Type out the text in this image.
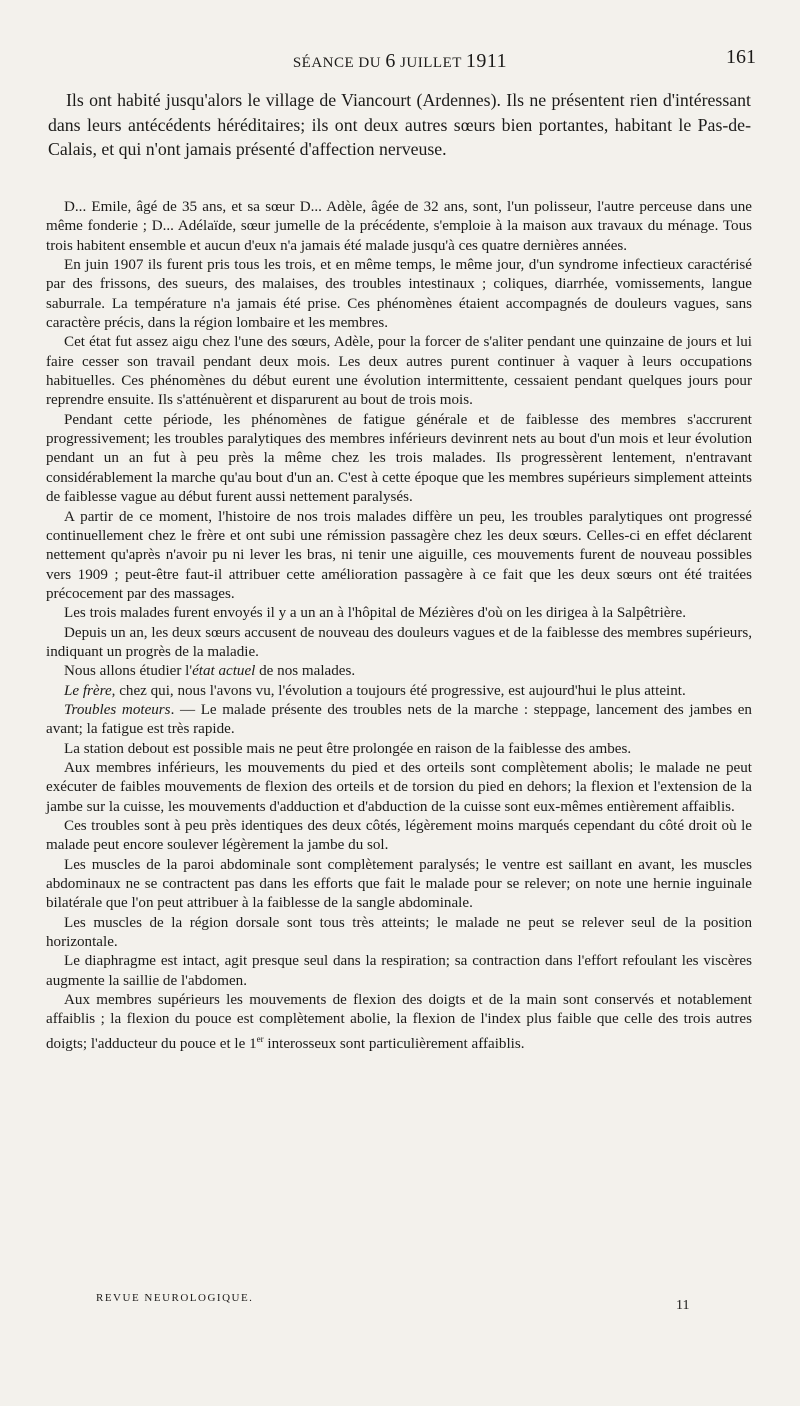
SÉANCE DU 6 JUILLET 1911	161

Ils ont habité jusqu'alors le village de Viancourt (Ardennes). Ils ne présentent rien d'intéressant dans leurs antécédents héréditaires; ils ont deux autres sœurs bien portantes, habitant le Pas-de-Calais, et qui n'ont jamais présenté d'affection nerveuse.

D... Emile, âgé de 35 ans, et sa sœur D... Adèle, âgée de 32 ans, sont, l'un polisseur, l'autre perceuse dans une même fonderie ; D... Adélaïde, sœur jumelle de la précédente, s'emploie à la maison aux travaux du ménage. Tous trois habitent ensemble et aucun d'eux n'a jamais été malade jusqu'à ces quatre dernières années.

En juin 1907 ils furent pris tous les trois, et en même temps, le même jour, d'un syndrome infectieux caractérisé par des frissons, des sueurs, des malaises, des troubles intestinaux ; coliques, diarrhée, vomissements, langue saburrale. La température n'a jamais été prise. Ces phénomènes étaient accompagnés de douleurs vagues, sans caractère précis, dans la région lombaire et les membres.

Cet état fut assez aigu chez l'une des sœurs, Adèle, pour la forcer de s'aliter pendant une quinzaine de jours et lui faire cesser son travail pendant deux mois. Les deux autres purent continuer à vaquer à leurs occupations habituelles. Ces phénomènes du début eurent une évolution intermittente, cessaient pendant quelques jours pour reprendre ensuite. Ils s'atténuèrent et disparurent au bout de trois mois.

Pendant cette période, les phénomènes de fatigue générale et de faiblesse des membres s'accrurent progressivement; les troubles paralytiques des membres inférieurs devinrent nets au bout d'un mois et leur évolution pendant un an fut à peu près la même chez les trois malades. Ils progressèrent lentement, n'entravant considérablement la marche qu'au bout d'un an. C'est à cette époque que les membres supérieurs simplement atteints de faiblesse vague au début furent aussi nettement paralysés.

A partir de ce moment, l'histoire de nos trois malades diffère un peu, les troubles paralytiques ont progressé continuellement chez le frère et ont subi une rémission passagère chez les deux sœurs. Celles-ci en effet déclarent nettement qu'après n'avoir pu ni lever les bras, ni tenir une aiguille, ces mouvements furent de nouveau possibles vers 1909 ; peut-être faut-il attribuer cette amélioration passagère à ce fait que les deux sœurs ont été traitées précocement par des massages.

Les trois malades furent envoyés il y a un an à l'hôpital de Mézières d'où on les dirigea à la Salpêtrière.

Depuis un an, les deux sœurs accusent de nouveau des douleurs vagues et de la faiblesse des membres supérieurs, indiquant un progrès de la maladie.

Nous allons étudier l'état actuel de nos malades.

Le frère, chez qui, nous l'avons vu, l'évolution a toujours été progressive, est aujourd'hui le plus atteint.

Troubles moteurs. — Le malade présente des troubles nets de la marche : steppage, lancement des jambes en avant; la fatigue est très rapide.

La station debout est possible mais ne peut être prolongée en raison de la faiblesse des ambes.

Aux membres inférieurs, les mouvements du pied et des orteils sont complètement abolis; le malade ne peut exécuter de faibles mouvements de flexion des orteils et de torsion du pied en dehors; la flexion et l'extension de la jambe sur la cuisse, les mouvements d'adduction et d'abduction de la cuisse sont eux-mêmes entièrement affaiblis.

Ces troubles sont à peu près identiques des deux côtés, légèrement moins marqués cependant du côté droit où le malade peut encore soulever légèrement la jambe du sol.

Les muscles de la paroi abdominale sont complètement paralysés; le ventre est saillant en avant, les muscles abdominaux ne se contractent pas dans les efforts que fait le malade pour se relever; on note une hernie inguinale bilatérale que l'on peut attribuer à la faiblesse de la sangle abdominale.

Les muscles de la région dorsale sont tous très atteints; le malade ne peut se relever seul de la position horizontale.

Le diaphragme est intact, agit presque seul dans la respiration; sa contraction dans l'effort refoulant les viscères augmente la saillie de l'abdomen.

Aux membres supérieurs les mouvements de flexion des doigts et de la main sont conservés et notablement affaiblis ; la flexion du pouce est complètement abolie, la flexion de l'index plus faible que celle des trois autres doigts; l'adducteur du pouce et le 1er interosseux sont particulièrement affaiblis.

REVUE NEUROLOGIQUE.	11
